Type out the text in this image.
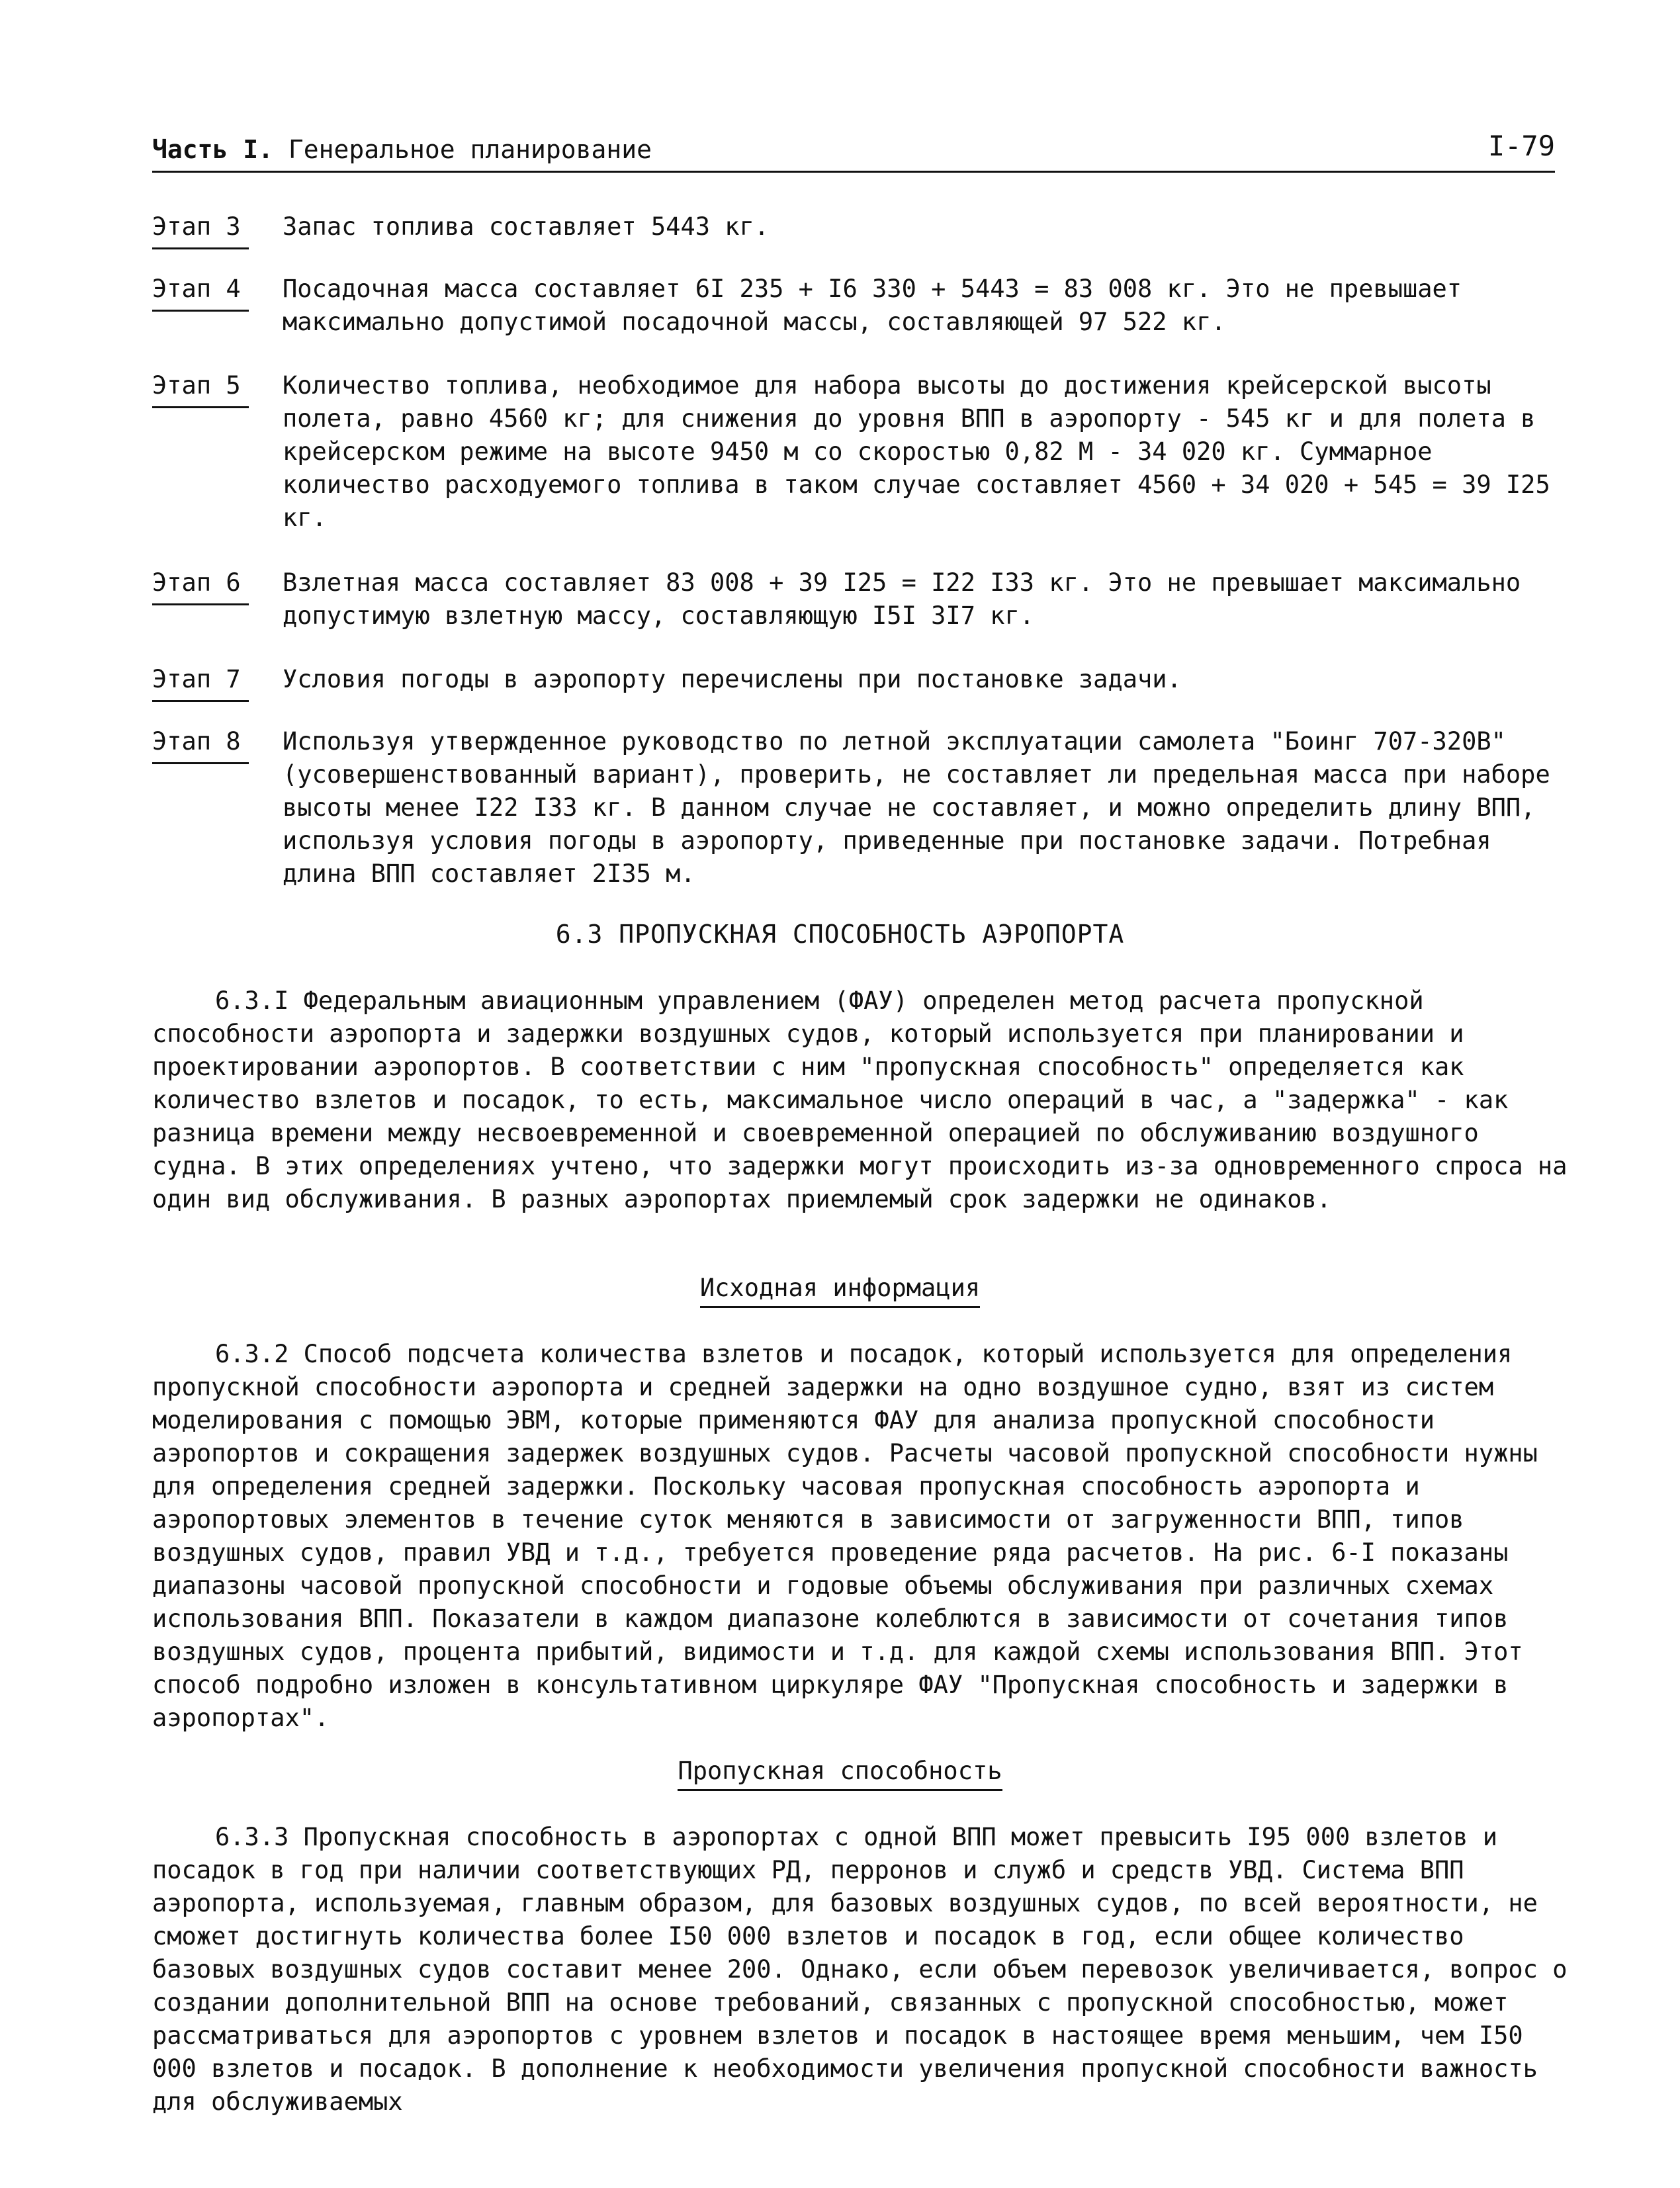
Часть I. Генеральное планирование	I-79
Этап 3	Запас топлива составляет 5443 кг.
Этап 4	Посадочная масса составляет 6I 235 + I6 330 + 5443 = 83 008 кг. Это не превышает максимально допустимой посадочной массы, составляющей 97 522 кг.
Этап 5	Количество топлива, необходимое для набора высоты до достижения крейсерской высоты полета, равно 4560 кг; для снижения до уровня ВПП в аэропорту - 545 кг и для полета в крейсерском режиме на высоте 9450 м со скоростью 0,82 М - 34 020 кг. Суммарное количество расходуемого топлива в таком случае составляет 4560 + 34 020 + 545 = 39 I25 кг.
Этап 6	Взлетная масса составляет 83 008 + 39 I25 = I22 I33 кг. Это не превышает максимально допустимую взлетную массу, составляющую I5I 3I7 кг.
Этап 7	Условия погоды в аэропорту перечислены при постановке задачи.
Этап 8	Используя утвержденное руководство по летной эксплуатации самолета "Боинг 707-320В" (усовершенствованный вариант), проверить, не составляет ли предельная масса при наборе высоты менее I22 I33 кг. В данном случае не составляет, и можно определить длину ВПП, используя условия погоды в аэропорту, приведенные при постановке задачи. Потребная длина ВПП составляет 2I35 м.
6.3 ПРОПУСКНАЯ СПОСОБНОСТЬ АЭРОПОРТА
6.3.I Федеральным авиационным управлением (ФАУ) определен метод расчета пропускной способности аэропорта и задержки воздушных судов, который используется при планировании и проектировании аэропортов. В соответствии с ним "пропускная способность" определяется как количество взлетов и посадок, то есть, максимальное число операций в час, а "задержка" - как разница времени между несвоевременной и своевременной операцией по обслуживанию воздушного судна. В этих определениях учтено, что задержки могут происходить из-за одновременного спроса на один вид обслуживания. В разных аэропортах приемлемый срок задержки не одинаков.
Исходная информация
6.3.2 Способ подсчета количества взлетов и посадок, который используется для определения пропускной способности аэропорта и средней задержки на одно воздушное судно, взят из систем моделирования с помощью ЭВМ, которые применяются ФАУ для анализа пропускной способности аэропортов и сокращения задержек воздушных судов. Расчеты часовой пропускной способности нужны для определения средней задержки. Поскольку часовая пропускная способность аэропорта и аэропортовых элементов в течение суток меняются в зависимости от загруженности ВПП, типов воздушных судов, правил УВД и т.д., требуется проведение ряда расчетов. На рис. 6-I показаны диапазоны часовой пропускной способности и годовые объемы обслуживания при различных схемах использования ВПП. Показатели в каждом диапазоне колеблются в зависимости от сочетания типов воздушных судов, процента прибытий, видимости и т.д. для каждой схемы использования ВПП. Этот способ подробно изложен в консультативном циркуляре ФАУ "Пропускная способность и задержки в аэропортах".
Пропускная способность
6.3.3 Пропускная способность в аэропортах с одной ВПП может превысить I95 000 взлетов и посадок в год при наличии соответствующих РД, перронов и служб и средств УВД. Система ВПП аэропорта, используемая, главным образом, для базовых воздушных судов, по всей вероятности, не сможет достигнуть количества более I50 000 взлетов и посадок в год, если общее количество базовых воздушных судов составит менее 200. Однако, если объем перевозок увеличивается, вопрос о создании дополнительной ВПП на основе требований, связанных с пропускной способностью, может рассматриваться для аэропортов с уровнем взлетов и посадок в настоящее время меньшим, чем I50 000 взлетов и посадок. В дополнение к необходимости увеличения пропускной способности важность для обслуживаемых
